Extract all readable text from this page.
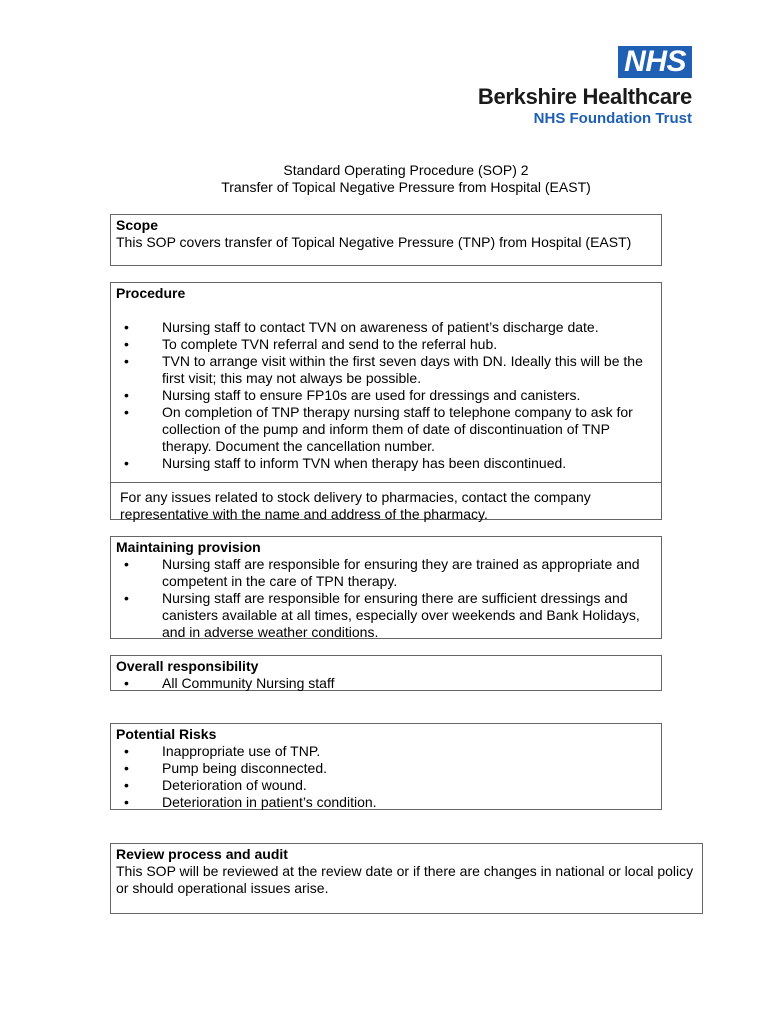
NHS
Berkshire Healthcare
NHS Foundation Trust
Standard Operating Procedure (SOP) 2
Transfer of Topical Negative Pressure from Hospital (EAST)
Scope
This SOP covers transfer of Topical Negative Pressure (TNP) from Hospital (EAST)
Procedure
• Nursing staff to contact TVN on awareness of patient’s discharge date.
• To complete TVN referral and send to the referral hub.
• TVN to arrange visit within the first seven days with DN. Ideally this will be the first visit; this may not always be possible.
• Nursing staff to ensure FP10s are used for dressings and canisters.
• On completion of TNP therapy nursing staff to telephone company to ask for collection of the pump and inform them of date of discontinuation of TNP therapy. Document the cancellation number.
• Nursing staff to inform TVN when therapy has been discontinued.
For any issues related to stock delivery to pharmacies, contact the company representative with the name and address of the pharmacy.
Maintaining provision
• Nursing staff are responsible for ensuring they are trained as appropriate and competent in the care of TPN therapy.
• Nursing staff are responsible for ensuring there are sufficient dressings and canisters available at all times, especially over weekends and Bank Holidays, and in adverse weather conditions.
Overall responsibility
• All Community Nursing staff
Potential Risks
• Inappropriate use of TNP.
• Pump being disconnected.
• Deterioration of wound.
• Deterioration in patient’s condition.
Review process and audit
This SOP will be reviewed at the review date or if there are changes in national or local policy or should operational issues arise.
